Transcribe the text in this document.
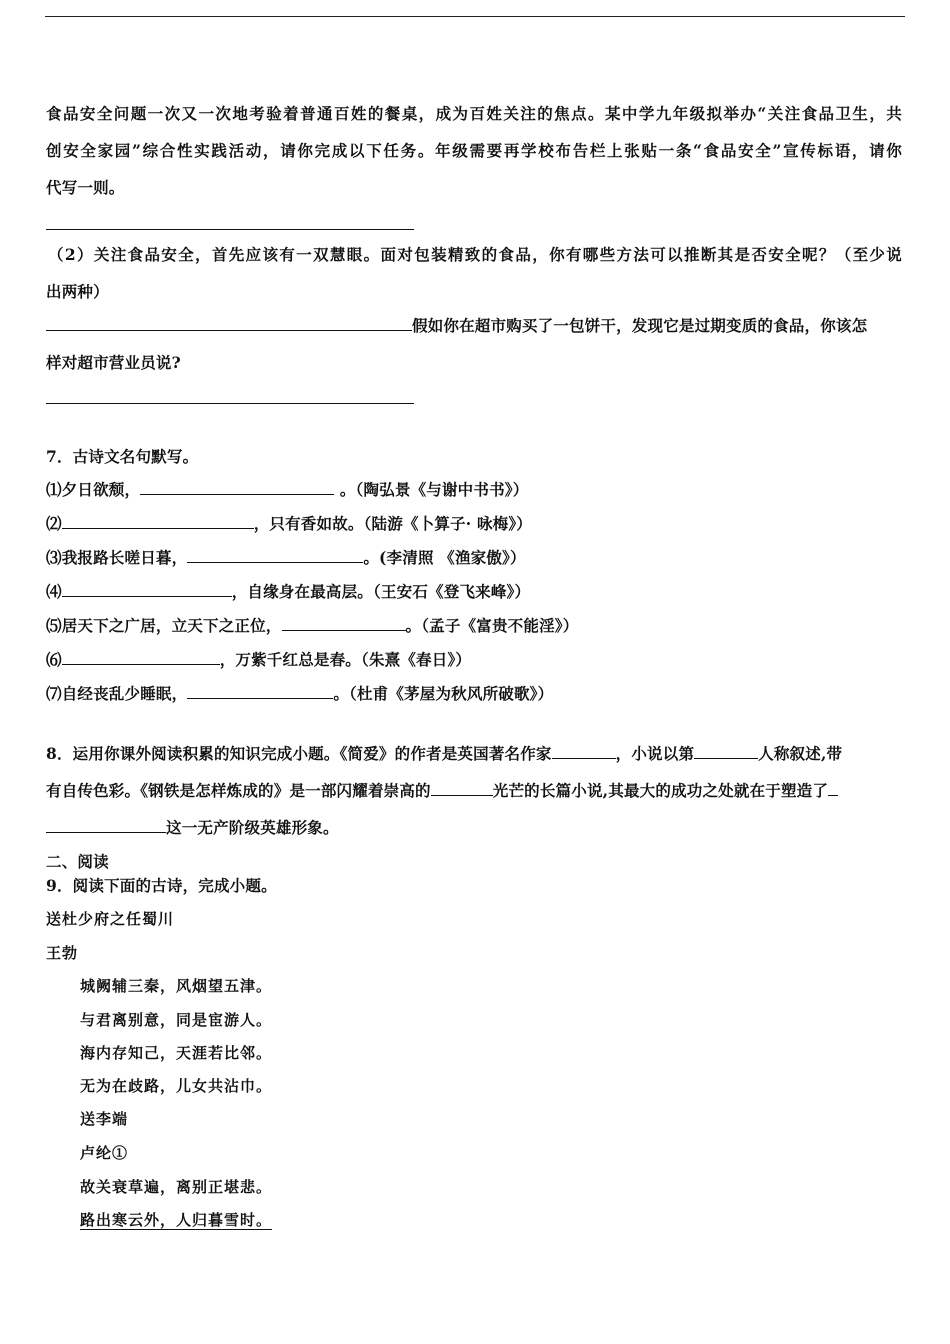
食品安全问题一次又一次地考验着普通百姓的餐桌，成为百姓关注的焦点。某中学九年级拟举办“关注食品卫生，共
创安全家园”综合性实践活动，请你完成以下任务。年级需要再学校布告栏上张贴一条“食品安全”宣传标语，请你
代写一则。
（2）关注食品安全，首先应该有一双慧眼。面对包装精致的食品，你有哪些方法可以推断其是否安全呢？（至少说
出两种）
假如你在超市购买了一包饼干，发现它是过期变质的食品，你该怎
样对超市营业员说?
7．古诗文名句默写。
⑴夕日欲颓，	。（陶弘景《与谢中书书》）
⑵	，只有香如故。（陆游《卜算子· 咏梅》）
⑶我报路长嗟日暮，	。(李清照 《渔家傲》）
⑷	，自缘身在最高层。（王安石《登飞来峰》）
⑸居天下之广居，立天下之正位，	。（孟子《富贵不能淫》）
⑹	，万紫千红总是春。（朱熹《春日》）
⑺自经丧乱少睡眠，	。（杜甫《茅屋为秋风所破歌》）
8．运用你课外阅读积累的知识完成小题。《简爱》的作者是英国著名作家	，小说以第	人称叙述,带
有自传色彩。《钢铁是怎样炼成的》是一部闪耀着崇高的	光芒的长篇小说,其最大的成功之处就在于塑造了
这一无产阶级英雄形象。
二、阅读
9．阅读下面的古诗，完成小题。
送杜少府之任蜀川
王勃
城阙辅三秦，风烟望五津。
与君离别意，同是宦游人。
海内存知己，天涯若比邻。
无为在歧路，儿女共沾巾。
送李端
卢纶①
故关衰草遍，离别正堪悲。
路出寒云外，人归暮雪时。
